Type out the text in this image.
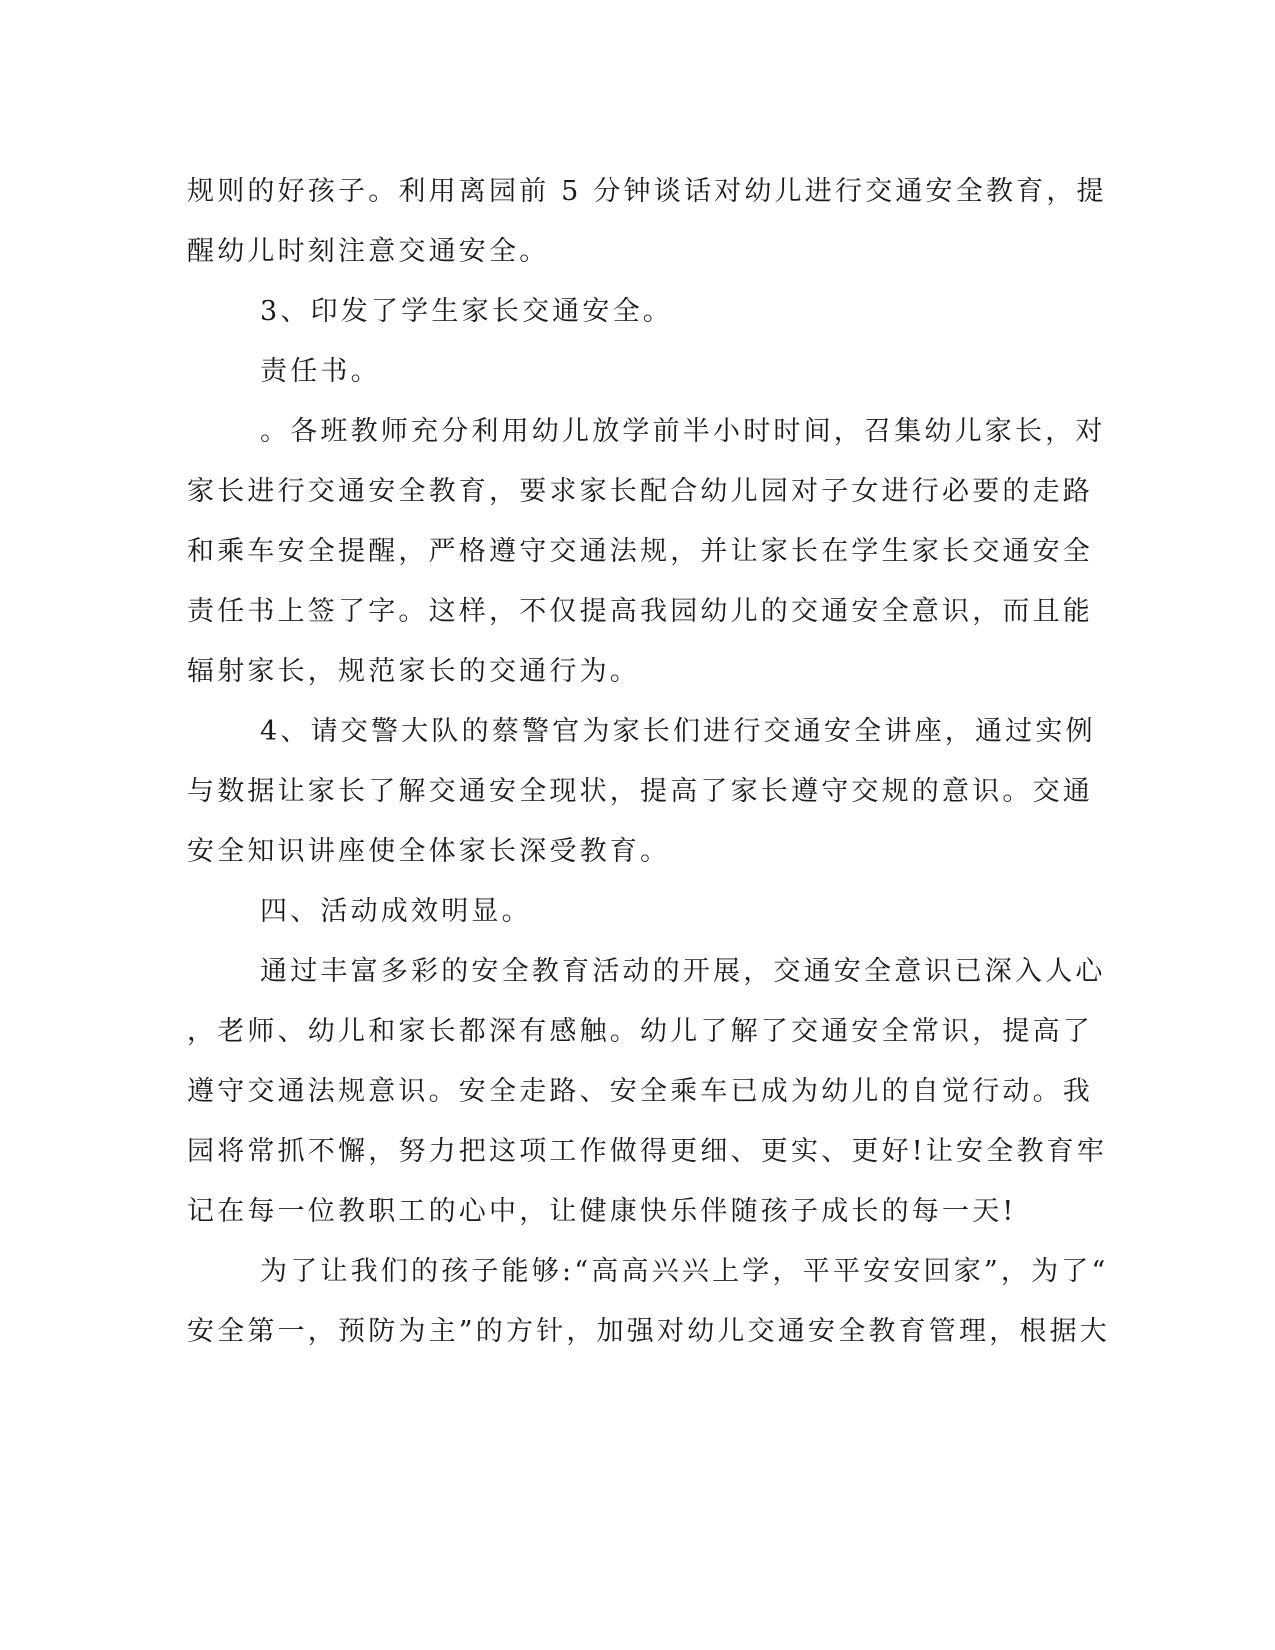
规则的好孩子。利用离园前 5 分钟谈话对幼儿进行交通安全教育，提
醒幼儿时刻注意交通安全。
3、印发了学生家长交通安全。
责任书。
。各班教师充分利用幼儿放学前半小时时间，召集幼儿家长，对
家长进行交通安全教育，要求家长配合幼儿园对子女进行必要的走路
和乘车安全提醒，严格遵守交通法规，并让家长在学生家长交通安全
责任书上签了字。这样，不仅提高我园幼儿的交通安全意识，而且能
辐射家长，规范家长的交通行为。
4、请交警大队的蔡警官为家长们进行交通安全讲座，通过实例
与数据让家长了解交通安全现状，提高了家长遵守交规的意识。交通
安全知识讲座使全体家长深受教育。
四、活动成效明显。
通过丰富多彩的安全教育活动的开展，交通安全意识已深入人心
，老师、幼儿和家长都深有感触。幼儿了解了交通安全常识，提高了
遵守交通法规意识。安全走路、安全乘车已成为幼儿的自觉行动。我
园将常抓不懈，努力把这项工作做得更细、更实、更好!让安全教育牢
记在每一位教职工的心中，让健康快乐伴随孩子成长的每一天!
为了让我们的孩子能够:“高高兴兴上学，平平安安回家”，为了“
安全第一，预防为主”的方针，加强对幼儿交通安全教育管理，根据大
